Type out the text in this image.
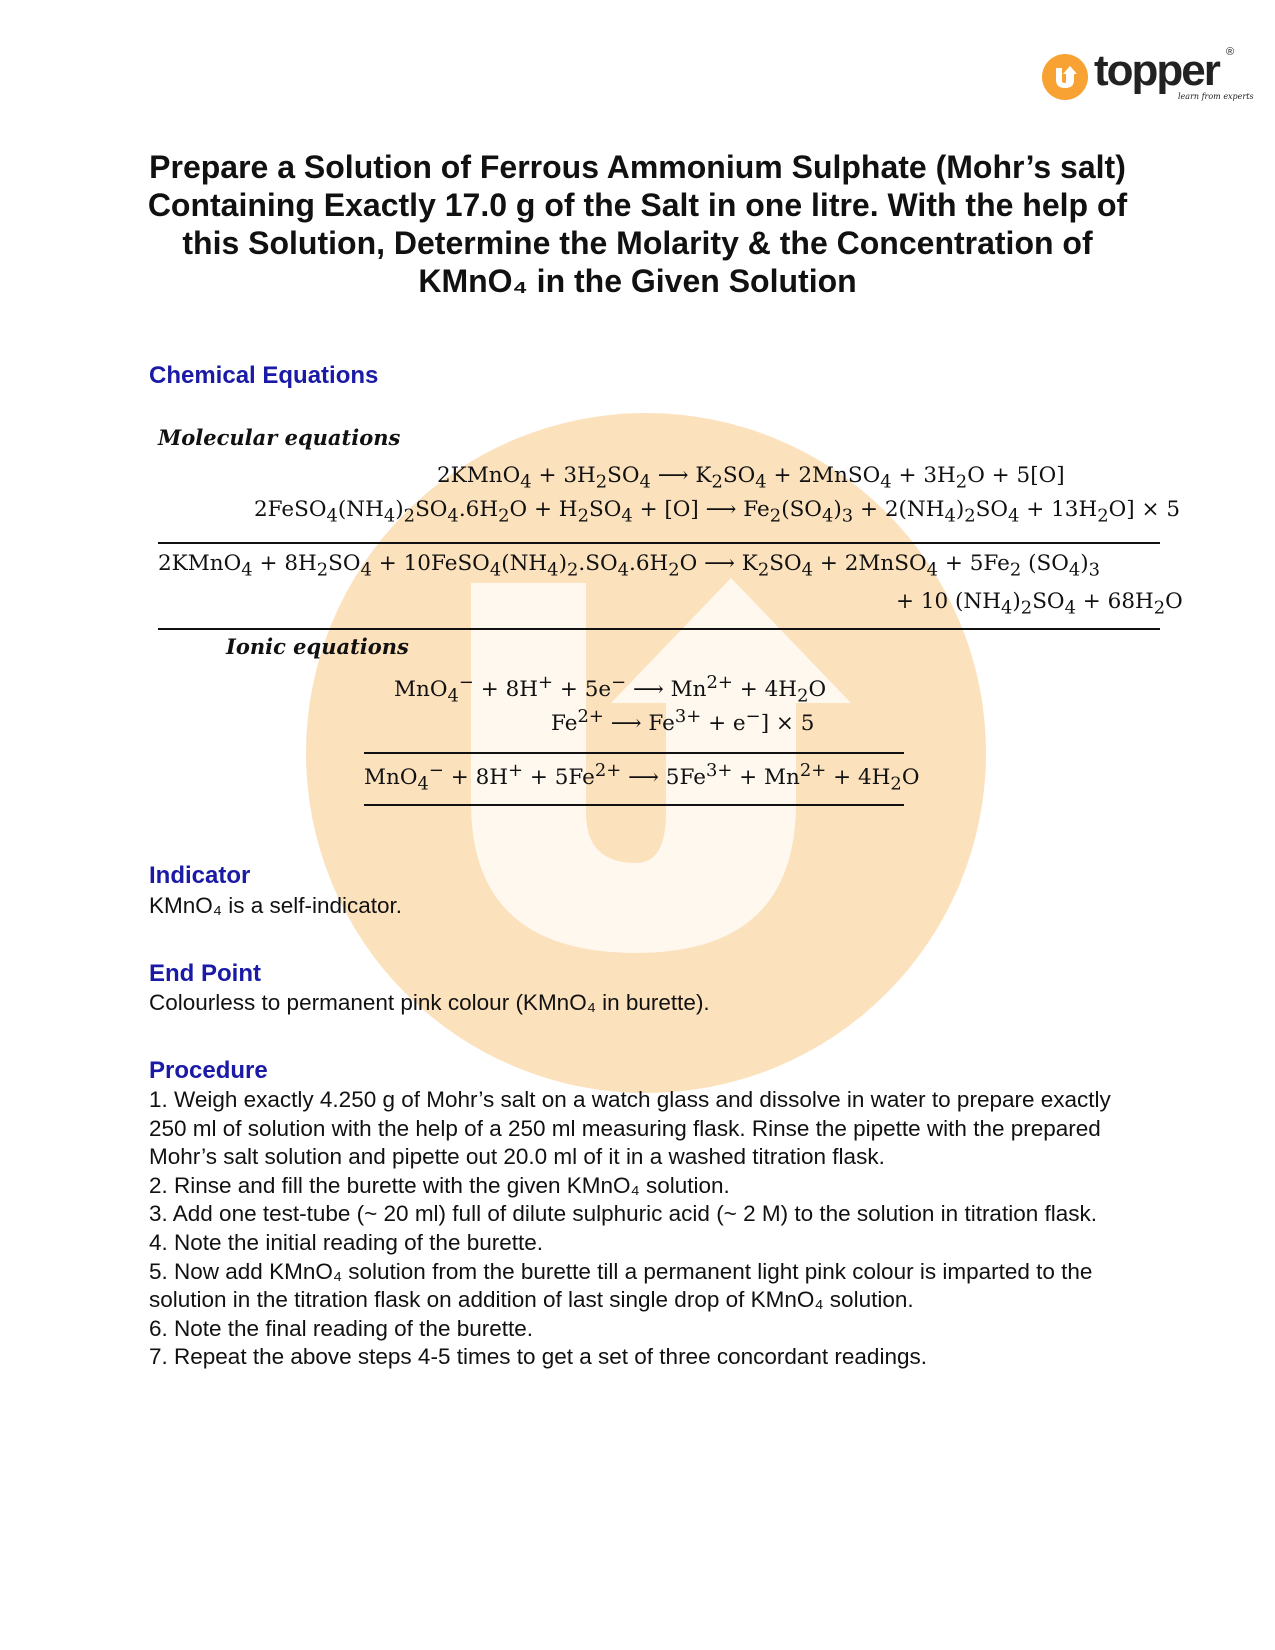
topper ®
learn from experts
Prepare a Solution of Ferrous Ammonium Sulphate (Mohr’s salt) Containing Exactly 17.0 g of the Salt in one litre. With the help of this Solution, Determine the Molarity & the Concentration of KMnO₄ in the Given Solution
Chemical Equations
Molecular equations
2KMnO$_4$ + $3H_2SO_4$ ⟶ $K_2SO_4$ + 2MnSO$_4$ + $3H_2O + 5[O]$
$2FeSO_4(NH_4)_2SO_4.6H_2O + H_2SO_4 + [O]$ ⟶ $Fe_2(SO_4)_3 + 2(NH_4)_2SO_4 + 13H_2O] \times 5$
2KMnO$_4$ + $8H_2SO_4$ + $10FeSO_4(NH_4)_2.SO_4.6H_2O$ ⟶ $K_2SO_4$ + 2MnSO$_4$ + $5Fe_2$ $(SO_4)_3$
+ 10 $(NH_4)_2SO_4 + 68H_2O$
Ionic equations
MnO$_4$− + 8H+ + 5e− ⟶ $Mn^{2+} + 4H_2O$
$Fe^{2+}$ ⟶ $Fe^{3+} + e^-] \times 5$
$MnO_4^- + 8H^+ + 5Fe^{2+}$ ⟶ $5Fe^{3+} + Mn^{2+} + 4H_2O$
Indicator
KMnO₄ is a self-indicator.
End Point
Colourless to permanent pink colour (KMnO₄ in burette).
Procedure
1. Weigh exactly 4.250 g of Mohr’s salt on a watch glass and dissolve in water to prepare exactly 250 ml of solution with the help of a 250 ml measuring flask. Rinse the pipette with the prepared Mohr’s salt solution and pipette out 20.0 ml of it in a washed titration flask.
2. Rinse and fill the burette with the given KMnO₄ solution.
3. Add one test-tube (~ 20 ml) full of dilute sulphuric acid (~ 2 M) to the solution in titration flask.
4. Note the initial reading of the burette.
5. Now add KMnO₄ solution from the burette till a permanent light pink colour is imparted to the solution in the titration flask on addition of last single drop of KMnO₄ solution.
6. Note the final reading of the burette.
7. Repeat the above steps 4-5 times to get a set of three concordant readings.
